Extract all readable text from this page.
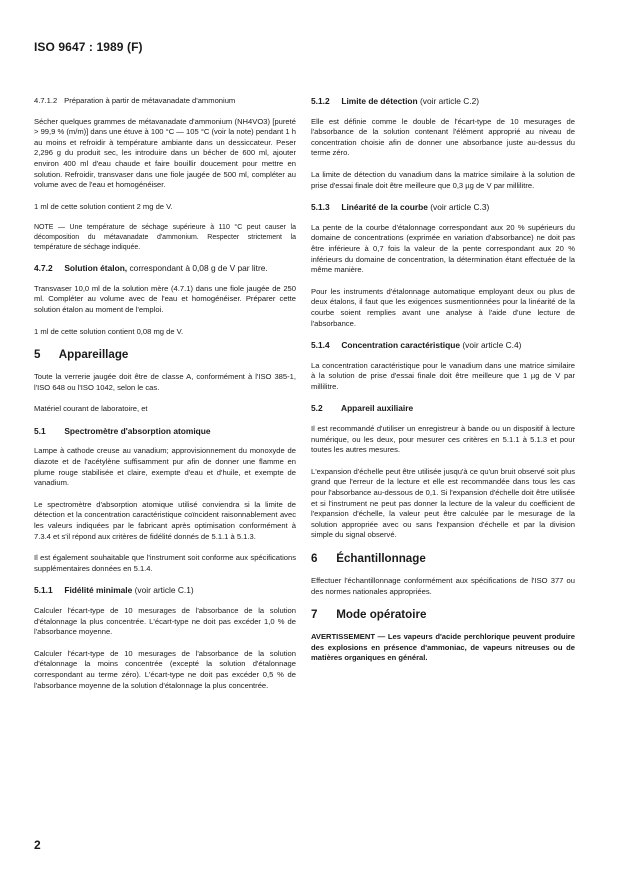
ISO 9647 : 1989 (F)
4.7.1.2 Préparation à partir de métavanadate d'ammonium

Sécher quelques grammes de métavanadate d'ammonium (NH4VO3) [pureté > 99,9 % (m/m)] dans une étuve à 100 °C — 105 °C (voir la note) pendant 1 h au moins et refroidir à température ambiante dans un dessiccateur. Peser 2,296 g du produit sec, les introduire dans un bécher de 600 ml, ajouter environ 400 ml d'eau chaude et faire bouillir doucement pour mettre en solution. Refroidir, transvaser dans une fiole jaugée de 500 ml, compléter au volume avec de l'eau et homogénéiser.

1 ml de cette solution contient 2 mg de V.

NOTE — Une température de séchage supérieure à 110 °C peut causer la décomposition du métavanadate d'ammonium. Respecter strictement la température de séchage indiquée.

4.7.2 Solution étalon, correspondant à 0,08 g de V par litre.

Transvaser 10,0 ml de la solution mère (4.7.1) dans une fiole jaugée de 250 ml. Compléter au volume avec de l'eau et homogénéiser. Préparer cette solution étalon au moment de l'emploi.

1 ml de cette solution contient 0,08 mg de V.

5 Appareillage

Toute la verrerie jaugée doit être de classe A, conformément à l'ISO 385-1, l'ISO 648 ou l'ISO 1042, selon le cas.

Matériel courant de laboratoire, et

5.1 Spectromètre d'absorption atomique

Lampe à cathode creuse au vanadium; approvisionnement du monoxyde de diazote et de l'acétylène suffisamment pur afin de donner une flamme en plume rouge stabilisée et claire, exempte d'eau et d'huile, et exempte de vanadium.

Le spectromètre d'absorption atomique utilisé conviendra si la limite de détection et la concentration caractéristique coïncident raisonnablement avec les valeurs indiquées par le fabricant après optimisation conformément à 7.3.4 et s'il répond aux critères de fidélité donnés de 5.1.1 à 5.1.3.

Il est également souhaitable que l'instrument soit conforme aux spécifications supplémentaires données en 5.1.4.

5.1.1 Fidélité minimale (voir article C.1)

Calculer l'écart-type de 10 mesurages de l'absorbance de la solution d'étalonnage la plus concentrée. L'écart-type ne doit pas excéder 1,0 % de l'absorbance moyenne.

Calculer l'écart-type de 10 mesurages de l'absorbance de la solution d'étalonnage la moins concentrée (excepté la solution d'étalonnage correspondant au terme zéro). L'écart-type ne doit pas excéder 0,5 % de l'absorbance moyenne de la solution d'étalonnage la plus concentrée.

5.1.2 Limite de détection (voir article C.2)

Elle est définie comme le double de l'écart-type de 10 mesurages de l'absorbance de la solution contenant l'élément approprié au niveau de concentration choisie afin de donner une absorbance juste au-dessus du terme zéro.

La limite de détection du vanadium dans la matrice similaire à la solution de prise d'essai finale doit être meilleure que 0,3 µg de V par millilitre.

5.1.3 Linéarité de la courbe (voir article C.3)

La pente de la courbe d'étalonnage correspondant aux 20 % supérieurs du domaine de concentrations (exprimée en variation d'absorbance) ne doit pas être inférieure à 0,7 fois la valeur de la pente correspondant aux 20 % inférieurs du domaine de concentration, la détermination étant effectuée de la même manière.

Pour les instruments d'étalonnage automatique employant deux ou plus de deux étalons, il faut que les exigences susmentionnées pour la linéarité de la courbe soient remplies avant une analyse à l'aide d'une lecture de l'absorbance.

5.1.4 Concentration caractéristique (voir article C.4)

La concentration caractéristique pour le vanadium dans une matrice similaire à la solution de prise d'essai finale doit être meilleure que 1 µg de V par millilitre.

5.2 Appareil auxiliaire

Il est recommandé d'utiliser un enregistreur à bande ou un dispositif à lecture numérique, ou les deux, pour mesurer ces critères en 5.1.1 à 5.1.3 et pour toutes les autres mesures.

L'expansion d'échelle peut être utilisée jusqu'à ce qu'un bruit observé soit plus grand que l'erreur de la lecture et elle est recommandée dans tous les cas pour l'absorbance au-dessous de 0,1. Si l'expansion d'échelle doit être utilisée et si l'instrument ne peut pas donner la lecture de la valeur du coefficient de l'expansion d'échelle, la valeur peut être calculée par le mesurage de la solution appropriée avec ou sans l'expansion d'échelle et par la division simple du signal observé.

6 Échantillonnage

Effectuer l'échantillonnage conformément aux spécifications de l'ISO 377 ou des normes nationales appropriées.

7 Mode opératoire

AVERTISSEMENT — Les vapeurs d'acide perchlorique peuvent produire des explosions en présence d'ammoniac, de vapeurs nitreuses ou de matières organiques en général.

2
